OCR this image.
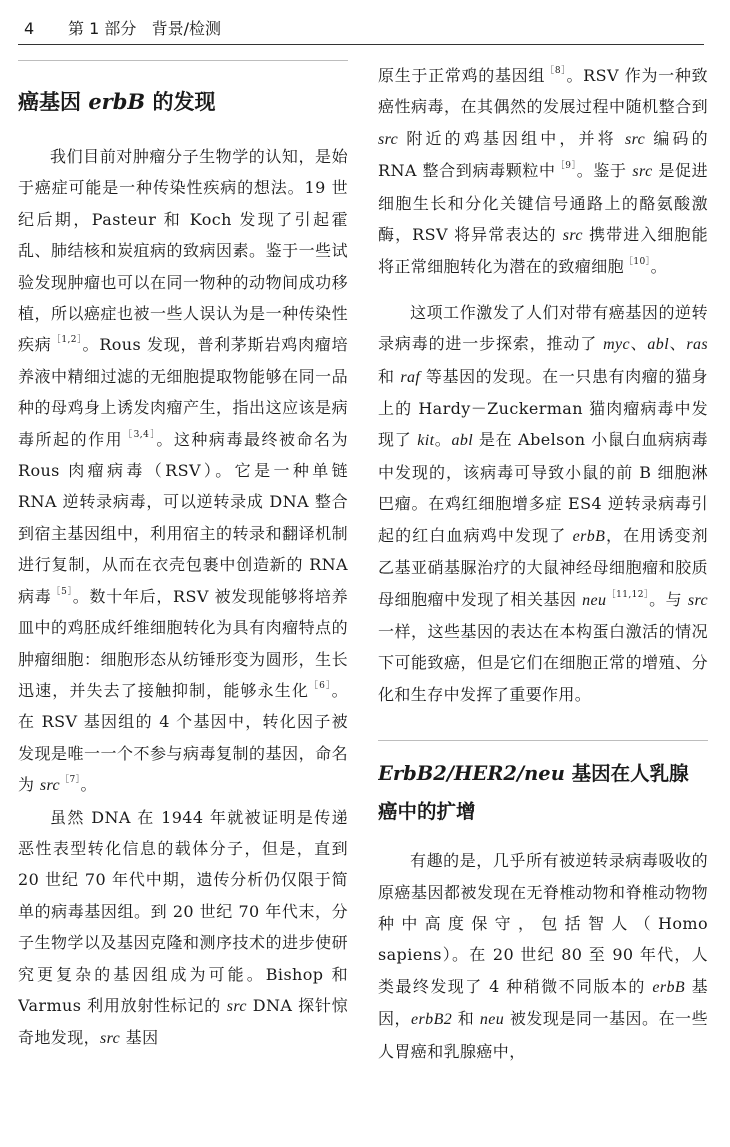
4 第 1 部分 背景/检测
癌基因 erbB 的发现

我们目前对肿瘤分子生物学的认知，是始于癌症可能是一种传染性疾病的想法。19 世纪后期，Pasteur 和 Koch 发现了引起霍乱、肺结核和炭疽病的致病因素。鉴于一些试验发现肿瘤也可以在同一物种的动物间成功移植，所以癌症也被一些人误认为是一种传染性疾病$^{[1,2]}$。Rous 发现，普利茅斯岩鸡肉瘤培养液中精细过滤的无细胞提取物能够在同一品种的母鸡身上诱发肉瘤产生，指出这应该是病毒所起的作用$^{[3,4]}$。这种病毒最终被命名为 Rous 肉瘤病毒（RSV）。它是一种单链 RNA 逆转录病毒，可以逆转录成 DNA 整合到宿主基因组中，利用宿主的转录和翻译机制进行复制，从而在衣壳包裹中创造新的 RNA 病毒$^{[5]}$。数十年后，RSV 被发现能够将培养皿中的鸡胚成纤维细胞转化为具有肉瘤特点的肿瘤细胞：细胞形态从纺锤形变为圆形，生长迅速，并失去了接触抑制，能够永生化$^{[6]}$。在 RSV 基因组的 4 个基因中，转化因子被发现是唯一一个不参与病毒复制的基因，命名为 src$^{[7]}$。

虽然 DNA 在 1944 年就被证明是传递恶性表型转化信息的载体分子，但是，直到 20 世纪 70 年代中期，遗传分析仍仅限于简单的病毒基因组。到 20 世纪 70 年代末，分子生物学以及基因克隆和测序技术的进步使研究更复杂的基因组成为可能。Bishop 和 Varmus 利用放射性标记的 src DNA 探针惊奇地发现，src 基因

原生于正常鸡的基因组$^{[8]}$。RSV 作为一种致癌性病毒，在其偶然的发展过程中随机整合到 src 附近的鸡基因组中，并将 src 编码的 RNA 整合到病毒颗粒中$^{[9]}$。鉴于 src 是促进细胞生长和分化关键信号通路上的酪氨酸激酶，RSV 将异常表达的 src 携带进入细胞能将正常细胞转化为潜在的致瘤细胞$^{[10]}$。

这项工作激发了人们对带有癌基因的逆转录病毒的进一步探索，推动了 myc、abl、ras 和 raf 等基因的发现。在一只患有肉瘤的猫身上的 Hardy－Zuckerman 猫肉瘤病毒中发现了 kit。abl 是在 Abelson 小鼠白血病病毒中发现的，该病毒可导致小鼠的前 B 细胞淋巴瘤。在鸡红细胞增多症 ES4 逆转录病毒引起的红白血病鸡中发现了 erbB，在用诱变剂乙基亚硝基脲治疗的大鼠神经母细胞瘤和胶质母细胞瘤中发现了相关基因 neu$^{[11,12]}$。与 src 一样，这些基因的表达在本构蛋白激活的情况下可能致癌，但是它们在细胞正常的增殖、分化和生存中发挥了重要作用。

ErbB2/HER2/neu 基因在人乳腺癌中的扩增

有趣的是，几乎所有被逆转录病毒吸收的原癌基因都被发现在无脊椎动物和脊椎动物物种中高度保守，包括智人（Homo sapiens）。在 20 世纪 80 至 90 年代，人类最终发现了 4 种稍微不同版本的 erbB 基因，erbB2 和 neu 被发现是同一基因。在一些人胃癌和乳腺癌中，
